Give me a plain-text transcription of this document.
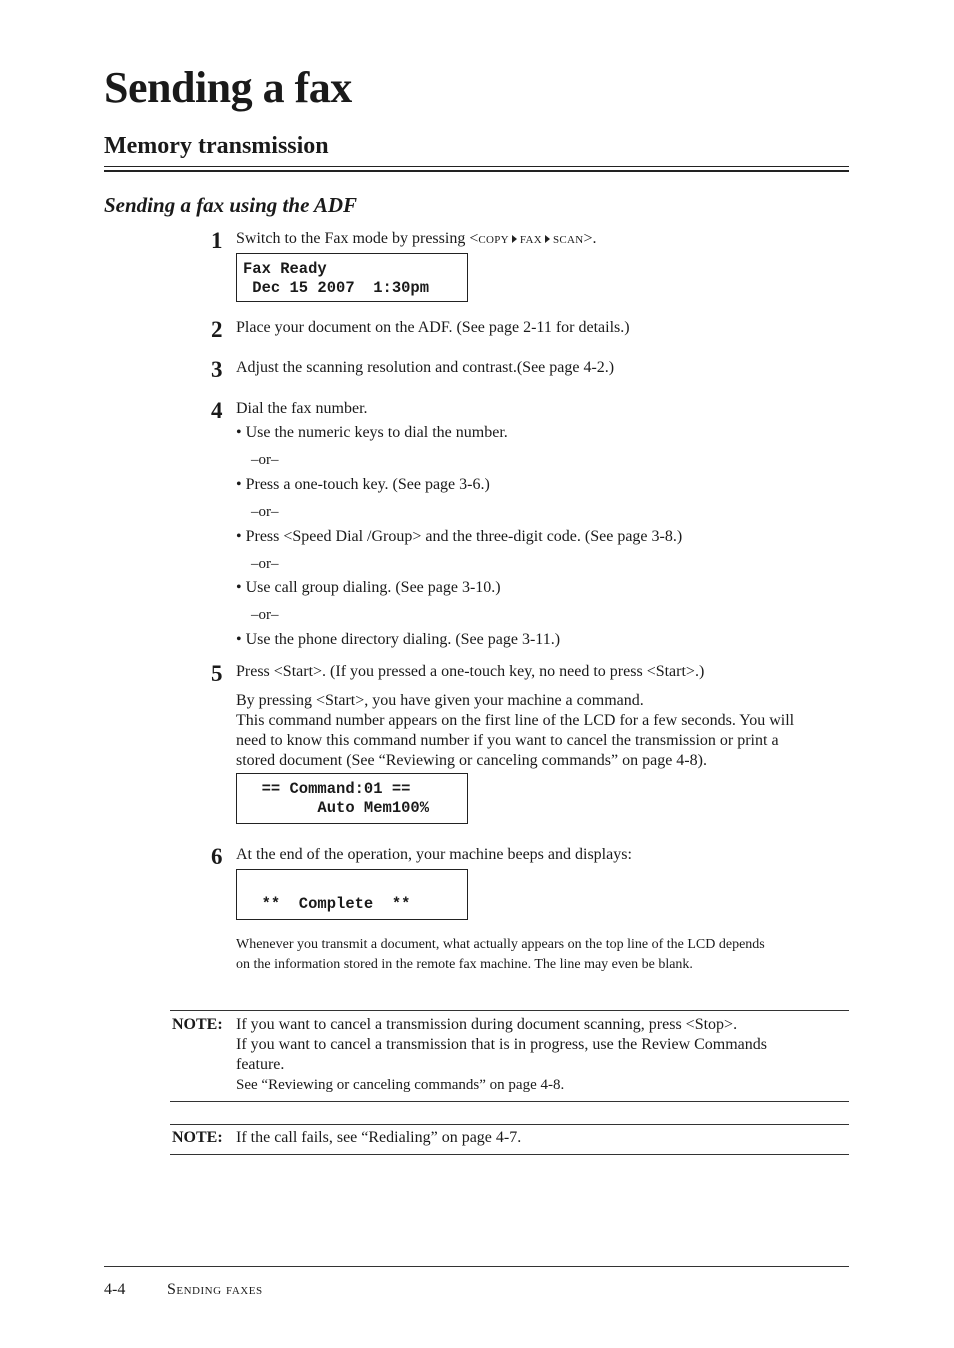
Sending a fax
Memory transmission
Sending a fax using the ADF
1 Switch to the Fax mode by pressing <COPY FAX SCAN>.
Fax Ready
Dec 15 2007  1:30pm
2 Place your document on the ADF. (See page 2-11 for details.)
3 Adjust the scanning resolution and contrast.(See page 4-2.)
4 Dial the fax number.
• Use the numeric keys to dial the number.
–or–
• Press a one-touch key. (See page 3-6.)
–or–
• Press <Speed Dial /Group> and the three-digit code. (See page 3-8.)
–or–
• Use call group dialing. (See page 3-10.)
–or–
• Use the phone directory dialing. (See page 3-11.)
5 Press <Start>. (If you pressed a one-touch key, no need to press <Start>.)
By pressing <Start>, you have given your machine a command.
This command number appears on the first line of the LCD for a few seconds. You will
need to know this command number if you want to cancel the transmission or print a
stored document (See “Reviewing or canceling commands” on page 4-8).
== Command:01 ==
Auto Mem100%
6 At the end of the operation, your machine beeps and displays:
**  Complete  **
Whenever you transmit a document, what actually appears on the top line of the LCD depends
on the information stored in the remote fax machine. The line may even be blank.
NOTE: If you want to cancel a transmission during document scanning, press <Stop>.
If you want to cancel a transmission that is in progress, use the Review Commands
feature.
See “Reviewing or canceling commands” on page 4-8.
NOTE: If the call fails, see “Redialing” on page 4-7.
4-4	Sending faxes
